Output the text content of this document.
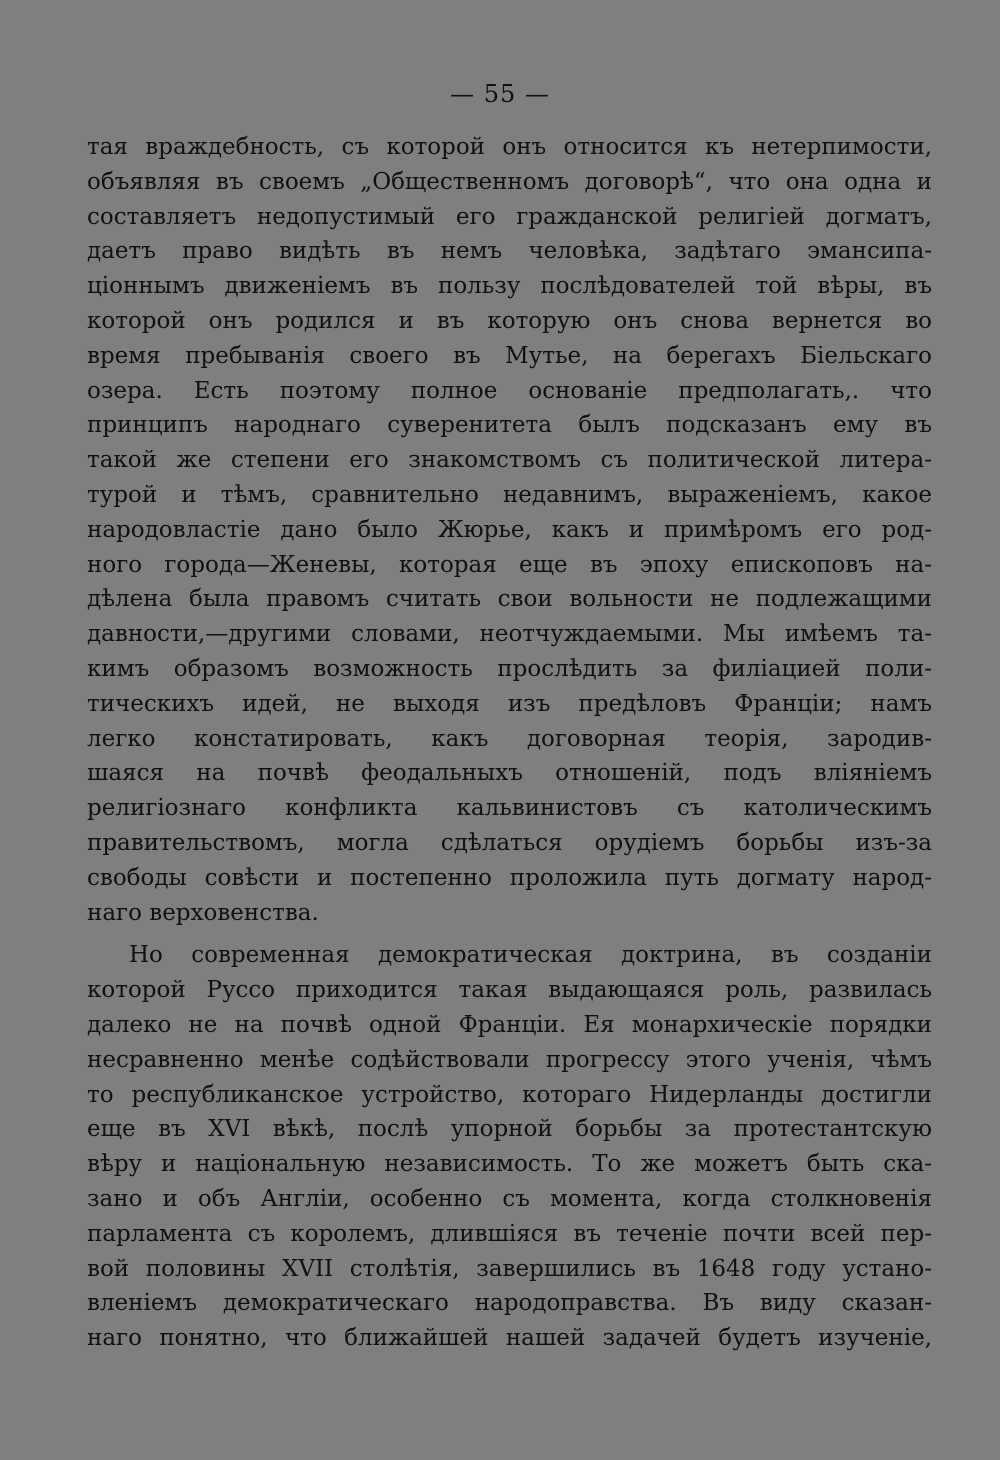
— 55 —
тая враждебность, съ которой онъ относится къ нетерпимости,
объявляя въ своемъ „Общественномъ договорѣ“, что она одна и
составляетъ недопустимый его гражданской религіей догматъ,
даетъ право видѣть въ немъ человѣка, задѣтаго эмансипа-
ціоннымъ движеніемъ въ пользу послѣдователей той вѣры, въ
которой онъ родился и въ которую онъ снова вернется во
время пребыванія своего въ Мутье, на берегахъ Біельскаго
озера. Есть поэтому полное основаніе предполагать,. что
принципъ народнаго суверенитета былъ подсказанъ ему въ
такой же степени его знакомствомъ съ политической литера-
турой и тѣмъ, сравнительно недавнимъ, выраженіемъ, какое
народовластіе дано было Жюрье, какъ и примѣромъ его род-
ного города—Женевы, которая еще въ эпоху епископовъ на-
дѣлена была правомъ считать свои вольности не подлежащими
давности,—другими словами, неотчуждаемыми. Мы имѣемъ та-
кимъ образомъ возможность прослѣдить за филіацией поли-
тическихъ идей, не выходя изъ предѣловъ Франціи; намъ
легко констатировать, какъ договорная теорія, зародив-
шаяся на почвѣ феодальныхъ отношеній, подъ вліяніемъ
религіознаго конфликта кальвинистовъ съ католическимъ
правительствомъ, могла сдѣлаться орудіемъ борьбы изъ-за
свободы совѣсти и постепенно проложила путь догмату народ-
наго верховенства.
Но современная демократическая доктрина, въ созданіи
которой Руссо приходится такая выдающаяся роль, развилась
далеко не на почвѣ одной Франціи. Ея монархическіе порядки
несравненно менѣе содѣйствовали прогрессу этого ученія, чѣмъ
то республиканское устройство, котораго Нидерланды достигли
еще въ XVI вѣкѣ, послѣ упорной борьбы за протестантскую
вѣру и національную независимость. То же можетъ быть ска-
зано и объ Англіи, особенно съ момента, когда столкновенія
парламента съ королемъ, длившіяся въ теченіе почти всей пер-
вой половины XVII столѣтія, завершились въ 1648 году устано-
вленіемъ демократическаго народоправства. Въ виду сказан-
наго понятно, что ближайшей нашей задачей будетъ изученіе,
